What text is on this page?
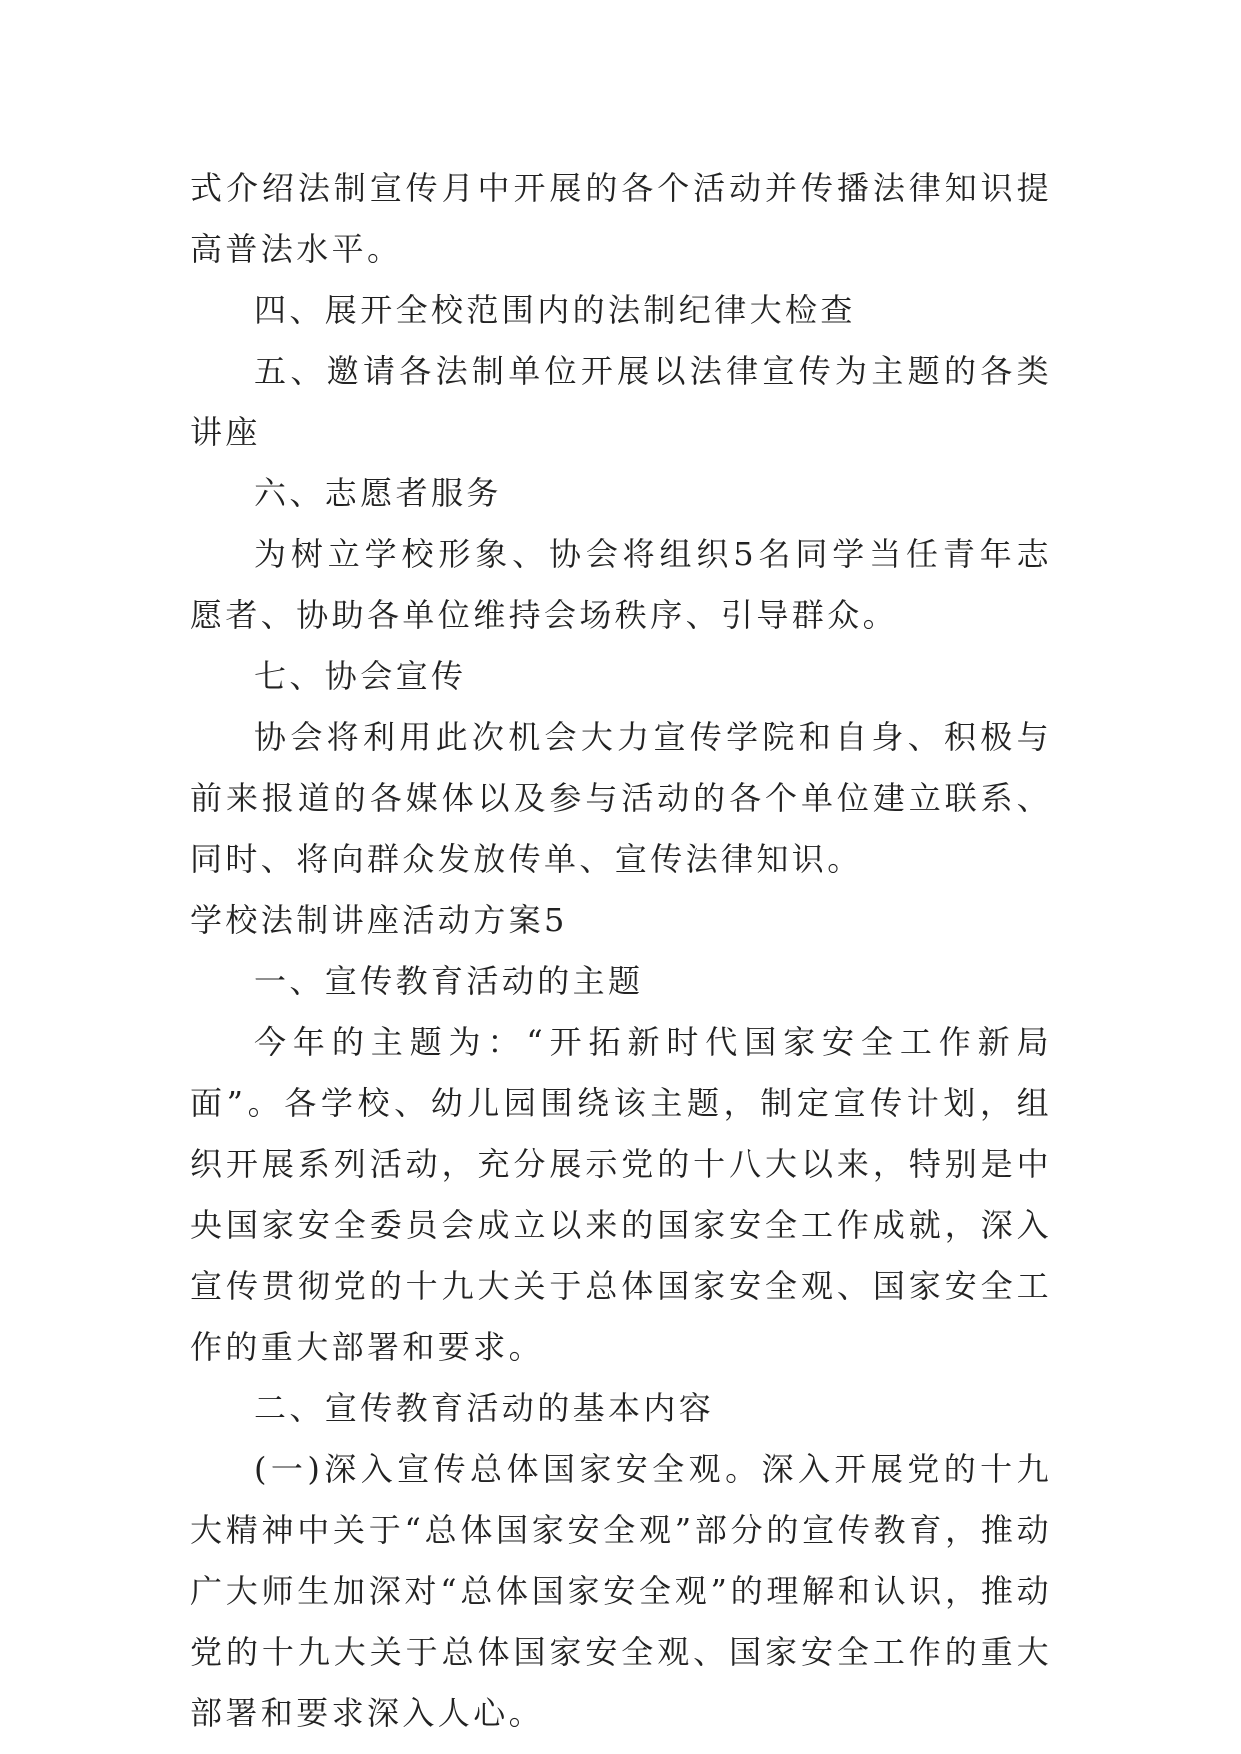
式介绍法制宣传月中开展的各个活动并传播法律知识提高普法水平。

四、展开全校范围内的法制纪律大检查

五、邀请各法制单位开展以法律宣传为主题的各类讲座

六、志愿者服务

为树立学校形象、协会将组织5名同学当任青年志愿者、协助各单位维持会场秩序、引导群众。

七、协会宣传

协会将利用此次机会大力宣传学院和自身、积极与前来报道的各媒体以及参与活动的各个单位建立联系、同时、将向群众发放传单、宣传法律知识。

学校法制讲座活动方案5

一、宣传教育活动的主题

今年的主题为：“开拓新时代国家安全工作新局面”。各学校、幼儿园围绕该主题，制定宣传计划，组织开展系列活动，充分展示党的十八大以来，特别是中央国家安全委员会成立以来的国家安全工作成就，深入宣传贯彻党的十九大关于总体国家安全观、国家安全工作的重大部署和要求。

二、宣传教育活动的基本内容

(一)深入宣传总体国家安全观。深入开展党的十九大精神中关于“总体国家安全观”部分的宣传教育，推动广大师生加深对“总体国家安全观”的理解和认识，推动党的十九大关于总体国家安全观、国家安全工作的重大部署和要求深入人心。
